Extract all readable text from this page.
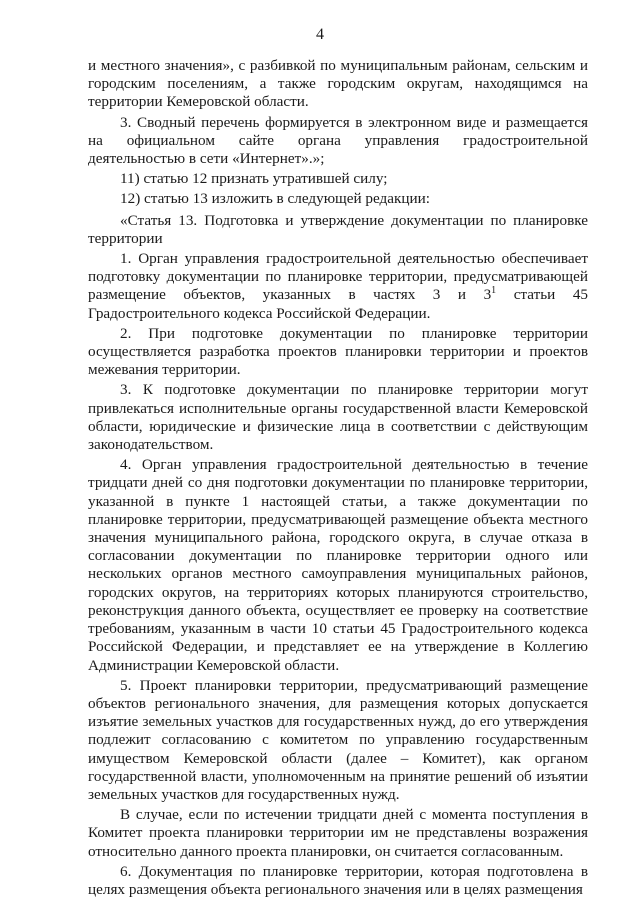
4

и местного значения», с разбивкой по муниципальным районам, сельским и городским поселениям, а также городским округам, находящимся на территории Кемеровской области.

3. Сводный перечень формируется в электронном виде и размещается на официальном сайте органа управления градостроительной деятельностью в сети «Интернет».»;

11) статью 12 признать утратившей силу;

12) статью 13 изложить в следующей редакции:

«Статья 13. Подготовка и утверждение документации по планировке территории

1. Орган управления градостроительной деятельностью обеспечивает подготовку документации по планировке территории, предусматривающей размещение объектов, указанных в частях 3 и $3^1$ статьи 45 Градостроительного кодекса Российской Федерации.

2. При подготовке документации по планировке территории осуществляется разработка проектов планировки территории и проектов межевания территории.

3. К подготовке документации по планировке территории могут привлекаться исполнительные органы государственной власти Кемеровской области, юридические и физические лица в соответствии с действующим законодательством.

4. Орган управления градостроительной деятельностью в течение тридцати дней со дня подготовки документации по планировке территории, указанной в пункте 1 настоящей статьи, а также документации по планировке территории, предусматривающей размещение объекта местного значения муниципального района, городского округа, в случае отказа в согласовании документации по планировке территории одного или нескольких органов местного самоуправления муниципальных районов, городских округов, на территориях которых планируются строительство, реконструкция данного объекта, осуществляет ее проверку на соответствие требованиям, указанным в части 10 статьи 45 Градостроительного кодекса Российской Федерации, и представляет ее на утверждение в Коллегию Администрации Кемеровской области.

5. Проект планировки территории, предусматривающий размещение объектов регионального значения, для размещения которых допускается изъятие земельных участков для государственных нужд, до его утверждения подлежит согласованию с комитетом по управлению государственным имуществом Кемеровской области (далее – Комитет), как органом государственной власти, уполномоченным на принятие решений об изъятии земельных участков для государственных нужд.

В случае, если по истечении тридцати дней с момента поступления в Комитет проекта планировки территории им не представлены возражения относительно данного проекта планировки, он считается согласованным.

6. Документация по планировке территории, которая подготовлена в целях размещения объекта регионального значения или в целях размещения
